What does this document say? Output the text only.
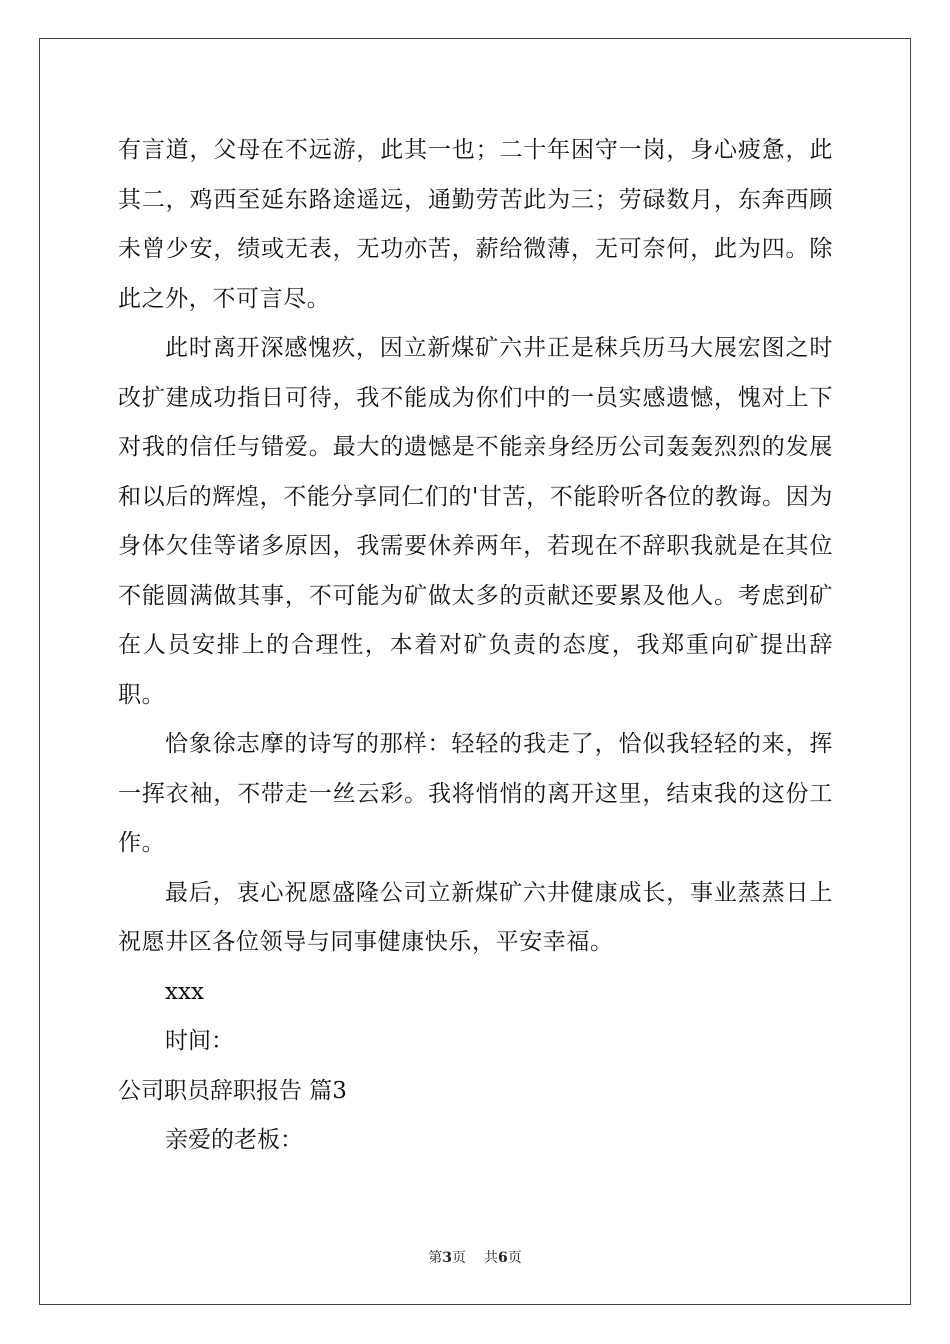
有言道，父母在不远游，此其一也；二十年困守一岗，身心疲惫，此其二，鸡西至延东路途遥远，通勤劳苦此为三；劳碌数月，东奔西顾未曾少安，绩或无表，无功亦苦，薪给微薄，无可奈何，此为四。除此之外，不可言尽。

此时离开深感愧疚，因立新煤矿六井正是秣兵历马大展宏图之时改扩建成功指日可待，我不能成为你们中的一员实感遗憾，愧对上下对我的信任与错爱。最大的遗憾是不能亲身经历公司轰轰烈烈的发展和以后的辉煌，不能分享同仁们的'甘苦，不能聆听各位的教诲。因为身体欠佳等诸多原因，我需要休养两年，若现在不辞职我就是在其位不能圆满做其事，不可能为矿做太多的贡献还要累及他人。考虑到矿在人员安排上的合理性，本着对矿负责的态度，我郑重向矿提出辞职。

恰象徐志摩的诗写的那样：轻轻的我走了，恰似我轻轻的来，挥一挥衣袖，不带走一丝云彩。我将悄悄的离开这里，结束我的这份工作。

最后，衷心祝愿盛隆公司立新煤矿六井健康成长，事业蒸蒸日上祝愿井区各位领导与同事健康快乐，平安幸福。

xxx

时间：

公司职员辞职报告 篇3

亲爱的老板：

第3页 共6页
